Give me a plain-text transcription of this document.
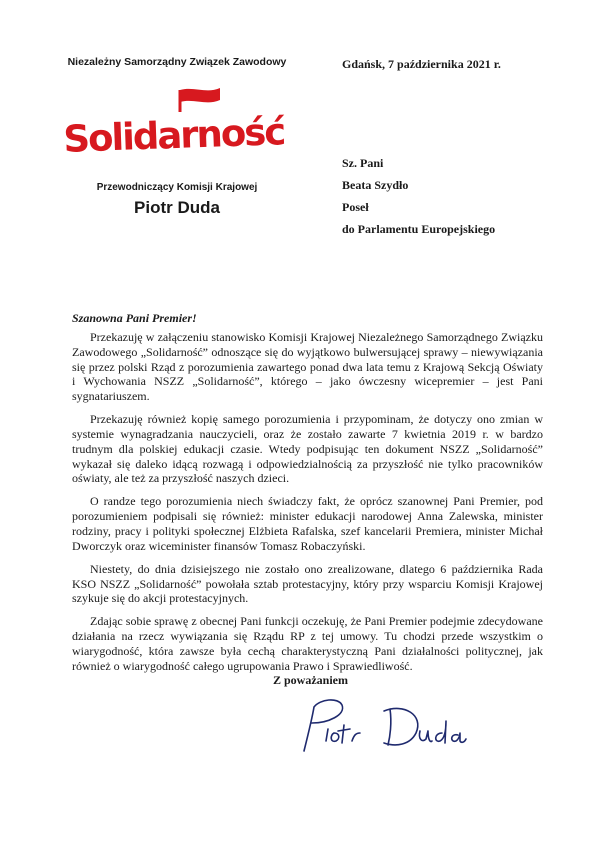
Niezależny Samorządny Związek Zawodowy
Solidarność
Przewodniczący Komisji Krajowej
Piotr Duda
Gdańsk, 7 października 2021 r.
Sz. Pani
Beata Szydło
Poseł
do Parlamentu Europejskiego
Szanowna Pani Premier!

Przekazuję w załączeniu stanowisko Komisji Krajowej Niezależnego Samorządnego Związku Zawodowego „Solidarność” odnoszące się do wyjątkowo bulwersującej sprawy – niewywiązania się przez polski Rząd z porozumienia zawartego ponad dwa lata temu z Krajową Sekcją Oświaty i Wychowania NSZZ „Solidarność”, którego – jako ówczesny wicepremier – jest Pani sygnatariuszem.

Przekazuję również kopię samego porozumienia i przypominam, że dotyczy ono zmian w systemie wynagradzania nauczycieli, oraz że zostało zawarte 7 kwietnia 2019 r. w bardzo trudnym dla polskiej edukacji czasie. Wtedy podpisując ten dokument NSZZ „Solidarność” wykazał się daleko idącą rozwagą i odpowiedzialnością za przyszłość nie tylko pracowników oświaty, ale też za przyszłość naszych dzieci.

O randze tego porozumienia niech świadczy fakt, że oprócz szanownej Pani Premier, pod porozumieniem podpisali się również: minister edukacji narodowej Anna Zalewska, minister rodziny, pracy i polityki społecznej Elżbieta Rafalska, szef kancelarii Premiera, minister Michał Dworczyk oraz wiceminister finansów Tomasz Robaczyński.

Niestety, do dnia dzisiejszego nie zostało ono zrealizowane, dlatego 6 października Rada KSO NSZZ „Solidarność” powołała sztab protestacyjny, który przy wsparciu Komisji Krajowej szykuje się do akcji protestacyjnych.

Zdając sobie sprawę z obecnej Pani funkcji oczekuję, że Pani Premier podejmie zdecydowane działania na rzecz wywiązania się Rządu RP z tej umowy. Tu chodzi przede wszystkim o wiarygodność, która zawsze była cechą charakterystyczną Pani działalności politycznej, jak również o wiarygodność całego ugrupowania Prawo i Sprawiedliwość.

Z poważaniem
